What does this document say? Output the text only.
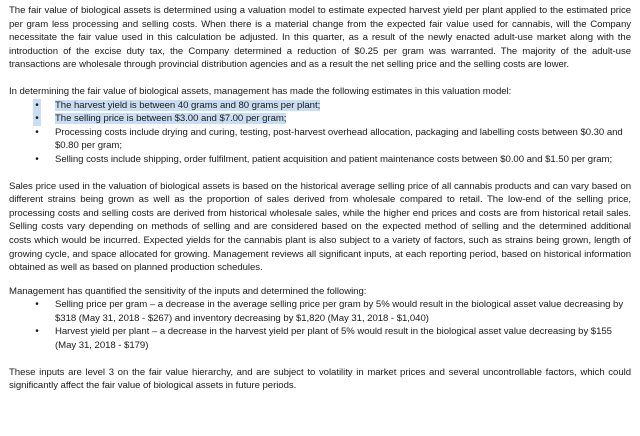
The fair value of biological assets is determined using a valuation model to estimate expected harvest yield per plant applied to the estimated price per gram less processing and selling costs. When there is a material change from the expected fair value used for cannabis, will the Company necessitate the fair value used in this calculation be adjusted. In this quarter, as a result of the newly enacted adult-use market along with the introduction of the excise duty tax, the Company determined a reduction of $0.25 per gram was warranted. The majority of the adult-use transactions are wholesale through provincial distribution agencies and as a result the net selling price and the selling costs are lower.

In determining the fair value of biological assets, management has made the following estimates in this valuation model:

• The harvest yield is between 40 grams and 80 grams per plant;
• The selling price is between $3.00 and $7.00 per gram;
• Processing costs include drying and curing, testing, post-harvest overhead allocation, packaging and labelling costs between $0.30 and $0.80 per gram;
• Selling costs include shipping, order fulfilment, patient acquisition and patient maintenance costs between $0.00 and $1.50 per gram;

Sales price used in the valuation of biological assets is based on the historical average selling price of all cannabis products and can vary based on different strains being grown as well as the proportion of sales derived from wholesale compared to retail. The low-end of the selling price, processing costs and selling costs are derived from historical wholesale sales, while the higher end prices and costs are from historical retail sales. Selling costs vary depending on methods of selling and are considered based on the expected method of selling and the determined additional costs which would be incurred. Expected yields for the cannabis plant is also subject to a variety of factors, such as strains being grown, length of growing cycle, and space allocated for growing. Management reviews all significant inputs, at each reporting period, based on historical information obtained as well as based on planned production schedules.

Management has quantified the sensitivity of the inputs and determined the following:

• Selling price per gram – a decrease in the average selling price per gram by 5% would result in the biological asset value decreasing by $318 (May 31, 2018 - $267) and inventory decreasing by $1,820 (May 31, 2018 - $1,040)
• Harvest yield per plant – a decrease in the harvest yield per plant of 5% would result in the biological asset value decreasing by $155 (May 31, 2018 - $179)

These inputs are level 3 on the fair value hierarchy, and are subject to volatility in market prices and several uncontrollable factors, which could significantly affect the fair value of biological assets in future periods.
